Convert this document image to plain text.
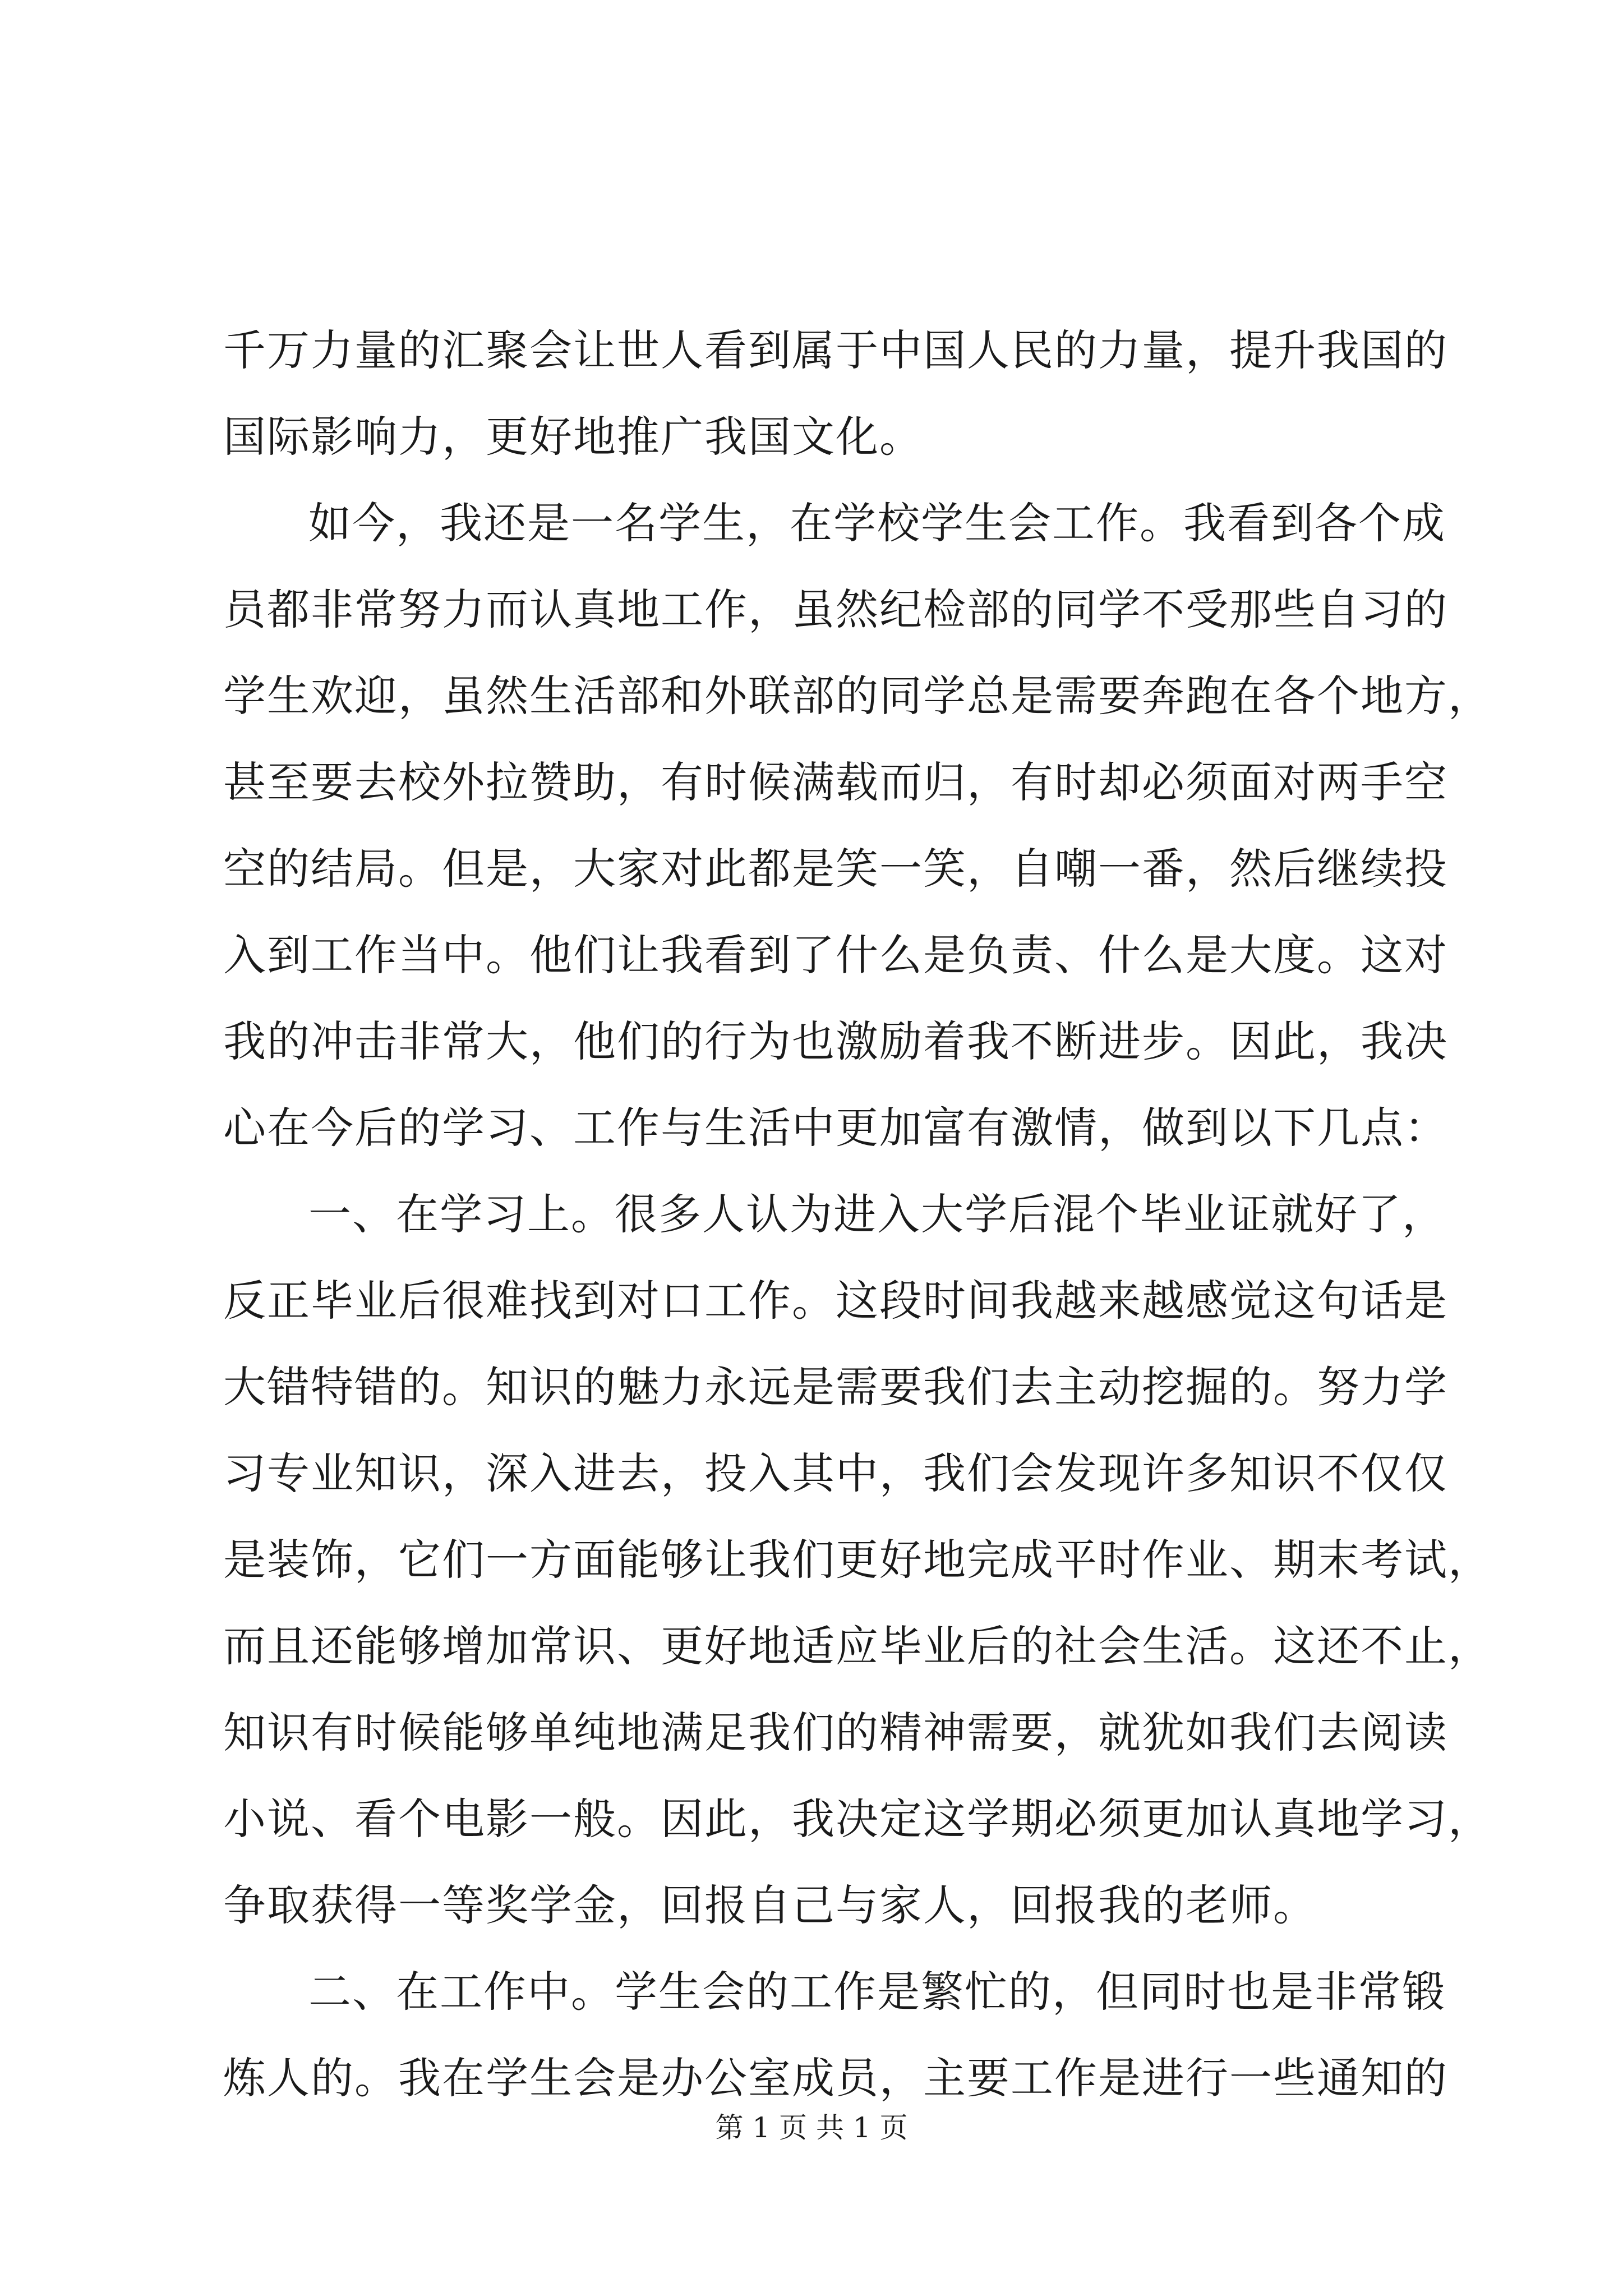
千万力量的汇聚会让世人看到属于中国人民的力量，提升我国的
国际影响力，更好地推广我国文化。
如今，我还是一名学生，在学校学生会工作。我看到各个成
员都非常努力而认真地工作，虽然纪检部的同学不受那些自习的
学生欢迎，虽然生活部和外联部的同学总是需要奔跑在各个地方，
甚至要去校外拉赞助，有时候满载而归，有时却必须面对两手空
空的结局。但是，大家对此都是笑一笑，自嘲一番，然后继续投
入到工作当中。他们让我看到了什么是负责、什么是大度。这对
我的冲击非常大，他们的行为也激励着我不断进步。因此，我决
心在今后的学习、工作与生活中更加富有激情，做到以下几点：
一、在学习上。很多人认为进入大学后混个毕业证就好了，
反正毕业后很难找到对口工作。这段时间我越来越感觉这句话是
大错特错的。知识的魅力永远是需要我们去主动挖掘的。努力学
习专业知识，深入进去，投入其中，我们会发现许多知识不仅仅
是装饰，它们一方面能够让我们更好地完成平时作业、期末考试，
而且还能够增加常识、更好地适应毕业后的社会生活。这还不止，
知识有时候能够单纯地满足我们的精神需要，就犹如我们去阅读
小说、看个电影一般。因此，我决定这学期必须更加认真地学习，
争取获得一等奖学金，回报自己与家人，回报我的老师。
二、在工作中。学生会的工作是繁忙的，但同时也是非常锻
炼人的。我在学生会是办公室成员，主要工作是进行一些通知的
第 1 页 共 1 页
